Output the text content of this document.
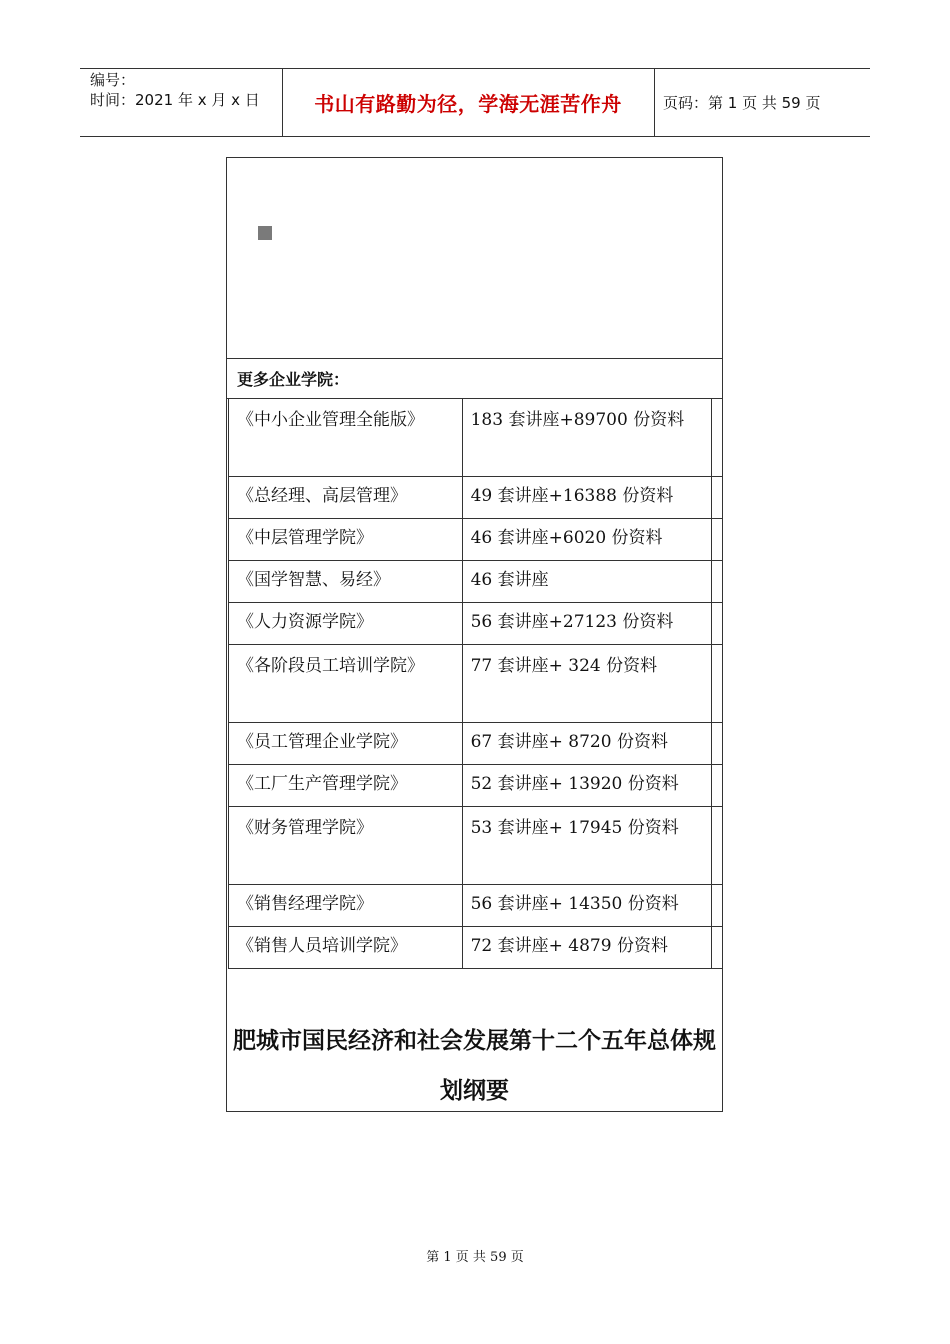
编号：
时间：2021 年 x 月 x 日	书山有路勤为径，学海无涯苦作舟	页码：第 1 页 共 59 页
更多企业学院：
《中小企业管理全能版》	183 套讲座+89700 份资料	
《总经理、高层管理》	49 套讲座+16388 份资料	
《中层管理学院》	46 套讲座+6020 份资料	
《国学智慧、易经》	46 套讲座	
《人力资源学院》	56 套讲座+27123 份资料	
《各阶段员工培训学院》	77 套讲座+ 324 份资料	
《员工管理企业学院》	67 套讲座+ 8720 份资料	
《工厂生产管理学院》	52 套讲座+ 13920 份资料	
《财务管理学院》	53 套讲座+ 17945 份资料	
《销售经理学院》	56 套讲座+ 14350 份资料	
《销售人员培训学院》	72 套讲座+ 4879 份资料	
肥城市国民经济和社会发展第十二个五年总体规划纲要
第 1 页 共 59 页
